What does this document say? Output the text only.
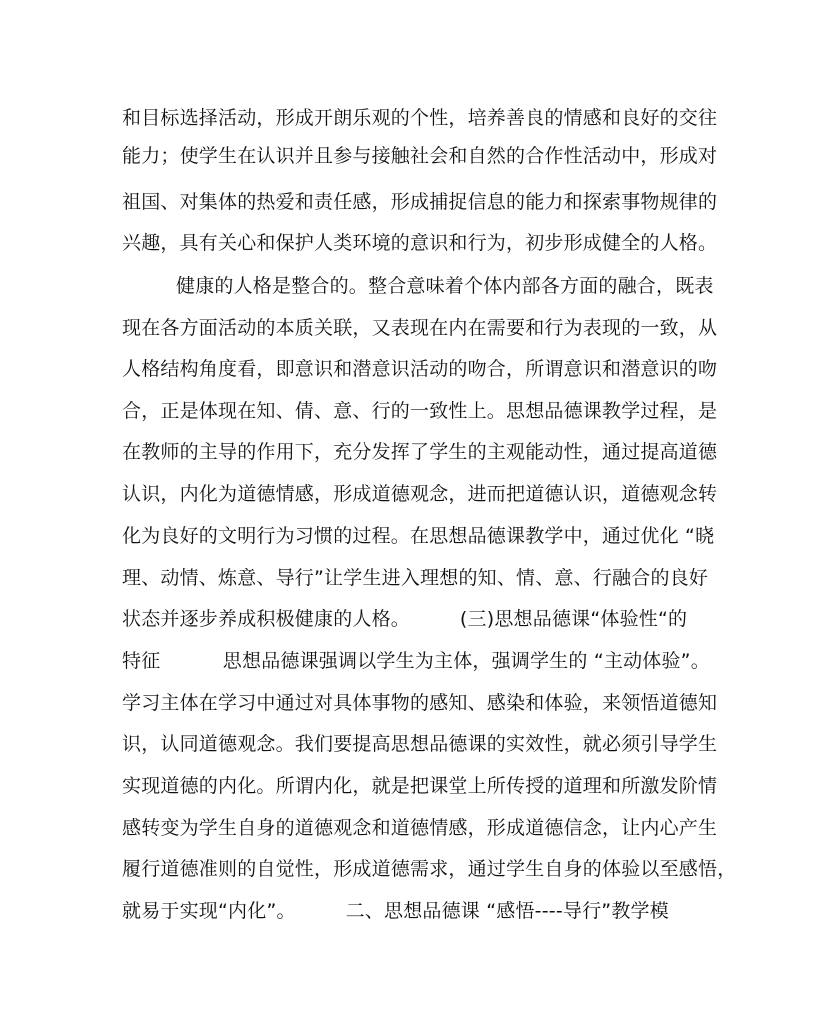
和目标选择活动，形成开朗乐观的个性，培养善良的情感和良好的交往
能力；使学生在认识并且参与接触社会和自然的合作性活动中，形成对
祖国、对集体的热爱和责任感，形成捕捉信息的能力和探索事物规律的
兴趣，具有关心和保护人类环境的意识和行为，初步形成健全的人格。
健康的人格是整合的。整合意味着个体内部各方面的融合，既表
现在各方面活动的本质关联，又表现在内在需要和行为表现的一致，从
人格结构角度看，即意识和潜意识活动的吻合，所谓意识和潜意识的吻
合，正是体现在知、倩、意、行的一致性上。思想品德课教学过程，是
在教师的主导的作用下，充分发挥了学生的主观能动性，通过提高道德
认识，内化为道德情感，形成道德观念，进而把道德认识，道德观念转
化为良好的文明行为习惯的过程。在思想品德课教学中，通过优化 “晓
理、动情、炼意、导行”让学生进入理想的知、情、意、行融合的良好
状态并逐步养成积极健康的人格。        (三)思想品德课“体验性“的
特征          思想品德课强调以学生为主体，强调学生的 “主动体验”。
学习主体在学习中通过对具体事物的感知、感染和体验，来领悟道德知
识，认同道德观念。我们要提高思想品德课的实效性，就必须引导学生
实现道德的内化。所谓内化，就是把课堂上所传授的道理和所激发阶情
感转变为学生自身的道德观念和道德情感，形成道德信念，让内心产生
履行道德准则的自觉性，形成道德需求，通过学生自身的体验以至感悟，
就易于实现“内化”。        二、思想品德课 “感悟----导行”教学模
